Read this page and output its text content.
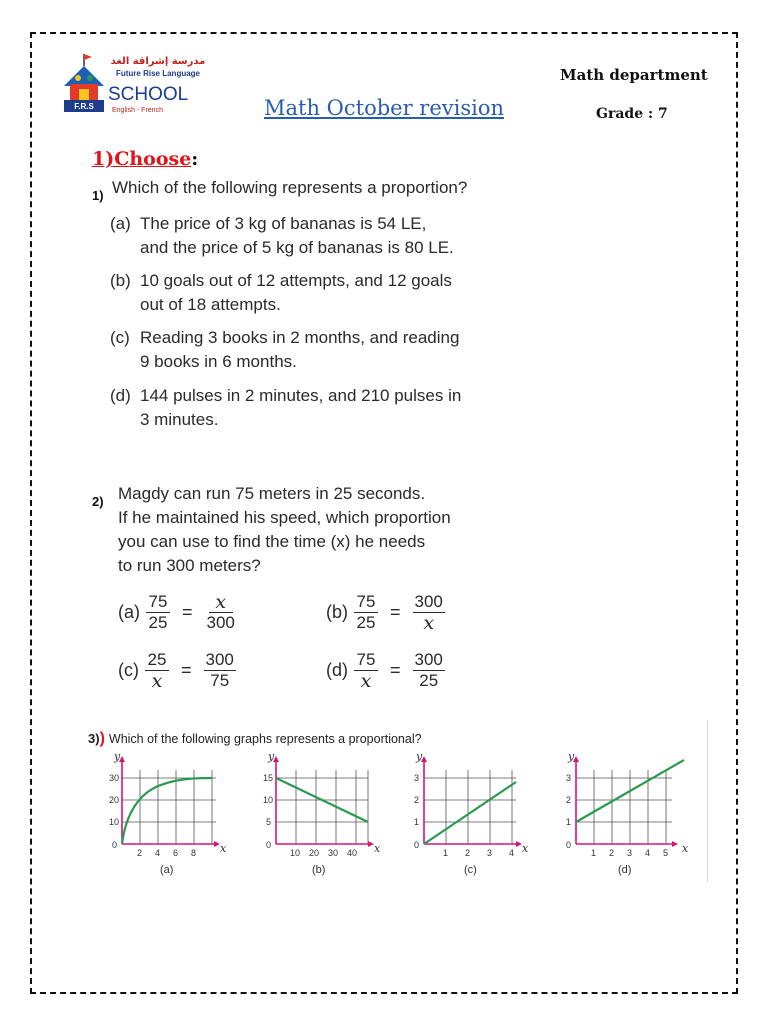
F.R.S
مدرسة إشراقة الغد
Future Rise Language
SCHOOL
English - French
Math department
Math October revision	Grade : 7
1)Choose:
1) Which of the following represents a proportion?
(a) The price of 3 kg of bananas is 54 LE,
and the price of 5 kg of bananas is 80 LE.
(b) 10 goals out of 12 attempts, and 12 goals
out of 18 attempts.
(c) Reading 3 books in 2 months, and reading
9 books in 6 months.
(d) 144 pulses in 2 minutes, and 210 pulses in
3 minutes.
2) Magdy can run 75 meters in 25 seconds.
If he maintained his speed, which proportion
you can use to find the time (x) he needs
to run 300 meters?
$(a) \frac{75}{25} = \frac{x}{300}$	$(b) \frac{75}{25} = \frac{300}{x}$
$(c) \frac{25}{x} = \frac{300}{75}$	$(d) \frac{75}{x} = \frac{300}{25}$
3)) Which of the following graphs represents a proportional?
30
20
10
0
2 4 6 8
y
x
(a)
15
10
5
0
10 20 30 40
y
x
(b)
3
2
1
0
1 2 3 4
y
x
(c)
3
2
1
0
1 2 3 4 5
y
x
(d)
